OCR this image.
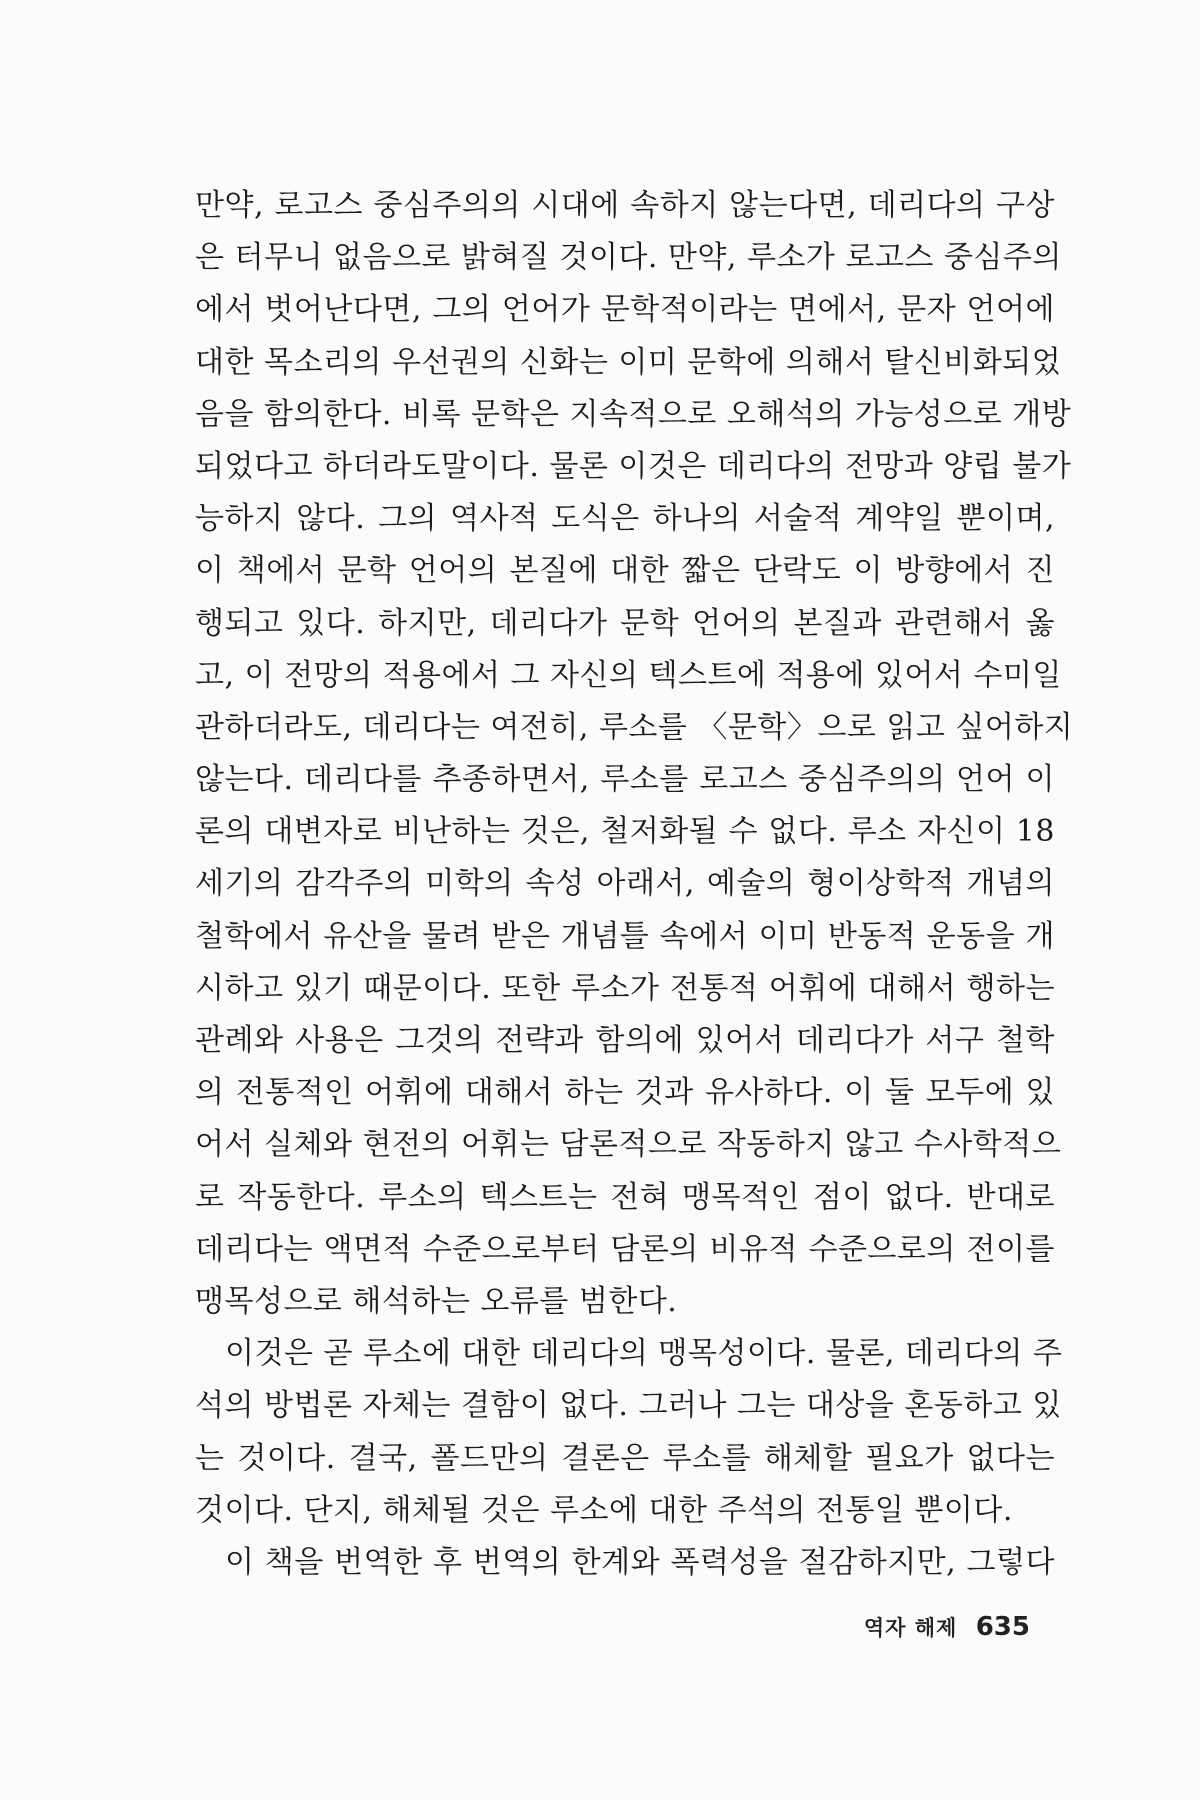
만약, 로고스 중심주의의 시대에 속하지 않는다면, 데리다의 구상
은 터무니 없음으로 밝혀질 것이다. 만약, 루소가 로고스 중심주의
에서 벗어난다면, 그의 언어가 문학적이라는 면에서, 문자 언어에
대한 목소리의 우선권의 신화는 이미 문학에 의해서 탈신비화되었
음을 함의한다. 비록 문학은 지속적으로 오해석의 가능성으로 개방
되었다고 하더라도말이다. 물론 이것은 데리다의 전망과 양립 불가
능하지 않다. 그의 역사적 도식은 하나의 서술적 계약일 뿐이며,
이 책에서 문학 언어의 본질에 대한 짧은 단락도 이 방향에서 진
행되고 있다. 하지만, 데리다가 문학 언어의 본질과 관련해서 옳
고, 이 전망의 적용에서 그 자신의 텍스트에 적용에 있어서 수미일
관하더라도, 데리다는 여전히, 루소를 〈문학〉으로 읽고 싶어하지
않는다. 데리다를 추종하면서, 루소를 로고스 중심주의의 언어 이
론의 대변자로 비난하는 것은, 철저화될 수 없다. 루소 자신이 18
세기의 감각주의 미학의 속성 아래서, 예술의 형이상학적 개념의
철학에서 유산을 물려 받은 개념틀 속에서 이미 반동적 운동을 개
시하고 있기 때문이다. 또한 루소가 전통적 어휘에 대해서 행하는
관례와 사용은 그것의 전략과 함의에 있어서 데리다가 서구 철학
의 전통적인 어휘에 대해서 하는 것과 유사하다. 이 둘 모두에 있
어서 실체와 현전의 어휘는 담론적으로 작동하지 않고 수사학적으
로 작동한다. 루소의 텍스트는 전혀 맹목적인 점이 없다. 반대로
데리다는 액면적 수준으로부터 담론의 비유적 수준으로의 전이를
맹목성으로 해석하는 오류를 범한다.
이것은 곧 루소에 대한 데리다의 맹목성이다. 물론, 데리다의 주
석의 방법론 자체는 결함이 없다. 그러나 그는 대상을 혼동하고 있
는 것이다. 결국, 폴드만의 결론은 루소를 해체할 필요가 없다는
것이다. 단지, 해체될 것은 루소에 대한 주석의 전통일 뿐이다.
이 책을 번역한 후 번역의 한계와 폭력성을 절감하지만, 그렇다
역자 해제 635
